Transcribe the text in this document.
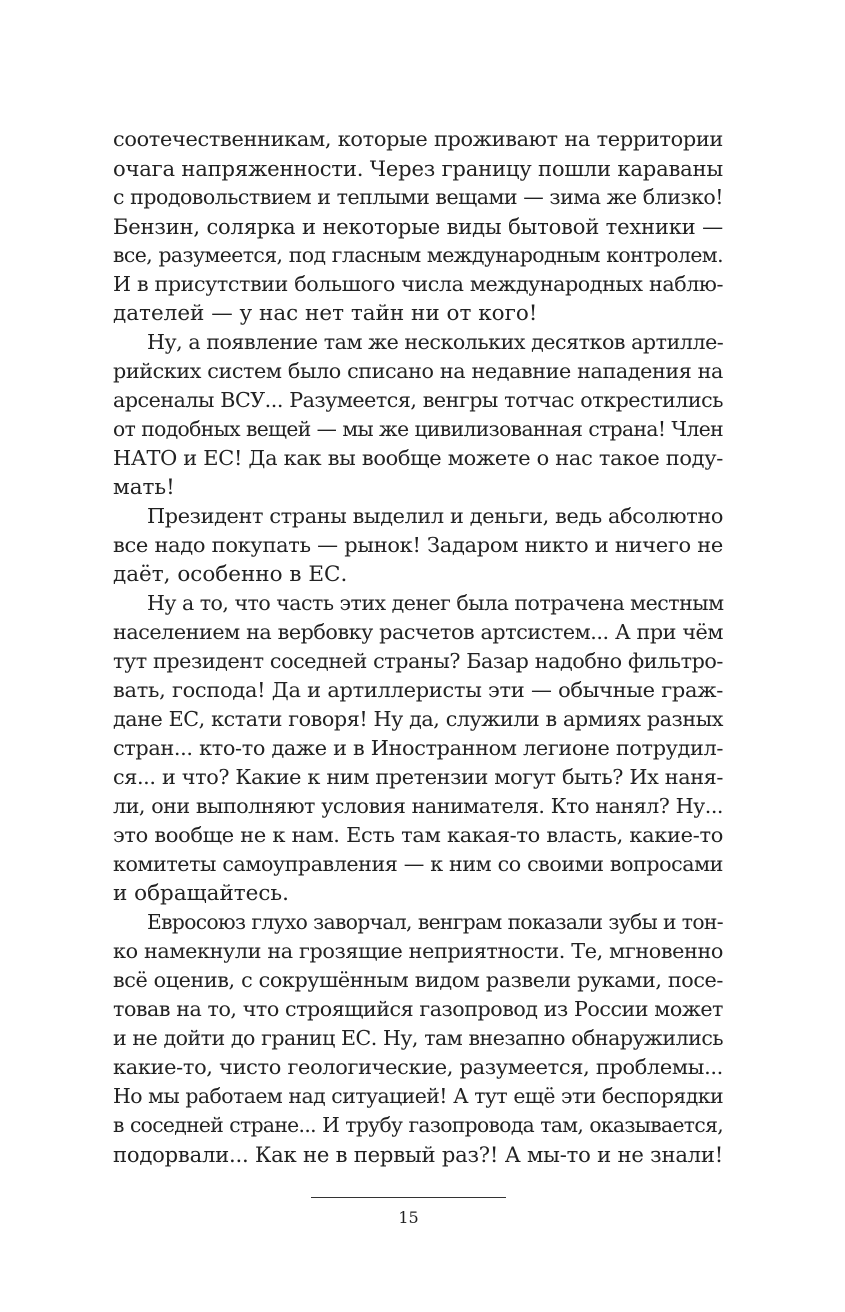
соотечественникам, которые проживают на территории
очага напряженности. Через границу пошли караваны
с продовольствием и теплыми вещами — зима же близко!
Бензин, солярка и некоторые виды бытовой техники —
все, разумеется, под гласным международным контролем.
И в присутствии большого числа международных наблю-
дателей — у нас нет тайн ни от кого!
Ну, а появление там же нескольких десятков артилле-
рийских систем было списано на недавние нападения на
арсеналы ВСУ... Разумеется, венгры тотчас открестились
от подобных вещей — мы же цивилизованная страна! Член
НАТО и ЕС! Да как вы вообще можете о нас такое поду-
мать!
Президент страны выделил и деньги, ведь абсолютно
все надо покупать — рынок! Задаром никто и ничего не
даёт, особенно в ЕС.
Ну а то, что часть этих денег была потрачена местным
населением на вербовку расчетов артсистем... А при чём
тут президент соседней страны? Базар надобно фильтро-
вать, господа! Да и артиллеристы эти — обычные граж-
дане ЕС, кстати говоря! Ну да, служили в армиях разных
стран... кто-то даже и в Иностранном легионе потрудил-
ся... и что? Какие к ним претензии могут быть? Их наня-
ли, они выполняют условия нанимателя. Кто нанял? Ну...
это вообще не к нам. Есть там какая-то власть, какие-то
комитеты самоуправления — к ним со своими вопросами
и обращайтесь.
Евросоюз глухо заворчал, венграм показали зубы и тон-
ко намекнули на грозящие неприятности. Те, мгновенно
всё оценив, с сокрушённым видом развели руками, посе-
товав на то, что строящийся газопровод из России может
и не дойти до границ ЕС. Ну, там внезапно обнаружились
какие-то, чисто геологические, разумеется, проблемы...
Но мы работаем над ситуацией! А тут ещё эти беспорядки
в соседней стране... И трубу газопровода там, оказывается,
подорвали... Как не в первый раз?! А мы-то и не знали!
15
